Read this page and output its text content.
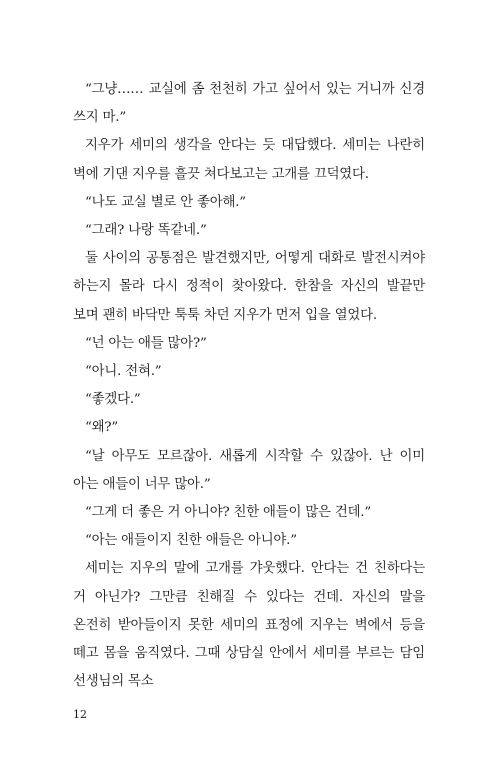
“그냥…… 교실에 좀 천천히 가고 싶어서 있는 거니까 신경 쓰지 마.”

지우가 세미의 생각을 안다는 듯 대답했다. 세미는 나란히 벽에 기댄 지우를 흘끗 쳐다보고는 고개를 끄덕였다.

“나도 교실 별로 안 좋아해.”

“그래? 나랑 똑같네.”

둘 사이의 공통점은 발견했지만, 어떻게 대화로 발전시켜야 하는지 몰라 다시 정적이 찾아왔다. 한참을 자신의 발끝만 보며 괜히 바닥만 툭툭 차던 지우가 먼저 입을 열었다.

“넌 아는 애들 많아?”

“아니. 전혀.”

“좋겠다.”

“왜?”

“날 아무도 모르잖아. 새롭게 시작할 수 있잖아. 난 이미 아는 애들이 너무 많아.”

“그게 더 좋은 거 아니야? 친한 애들이 많은 건데.”

“아는 애들이지 친한 애들은 아니야.”

세미는 지우의 말에 고개를 갸웃했다. 안다는 건 친하다는 거 아닌가? 그만큼 친해질 수 있다는 건데. 자신의 말을 온전히 받아들이지 못한 세미의 표정에 지우는 벽에서 등을 떼고 몸을 움직였다. 그때 상담실 안에서 세미를 부르는 담임 선생님의 목소

12
